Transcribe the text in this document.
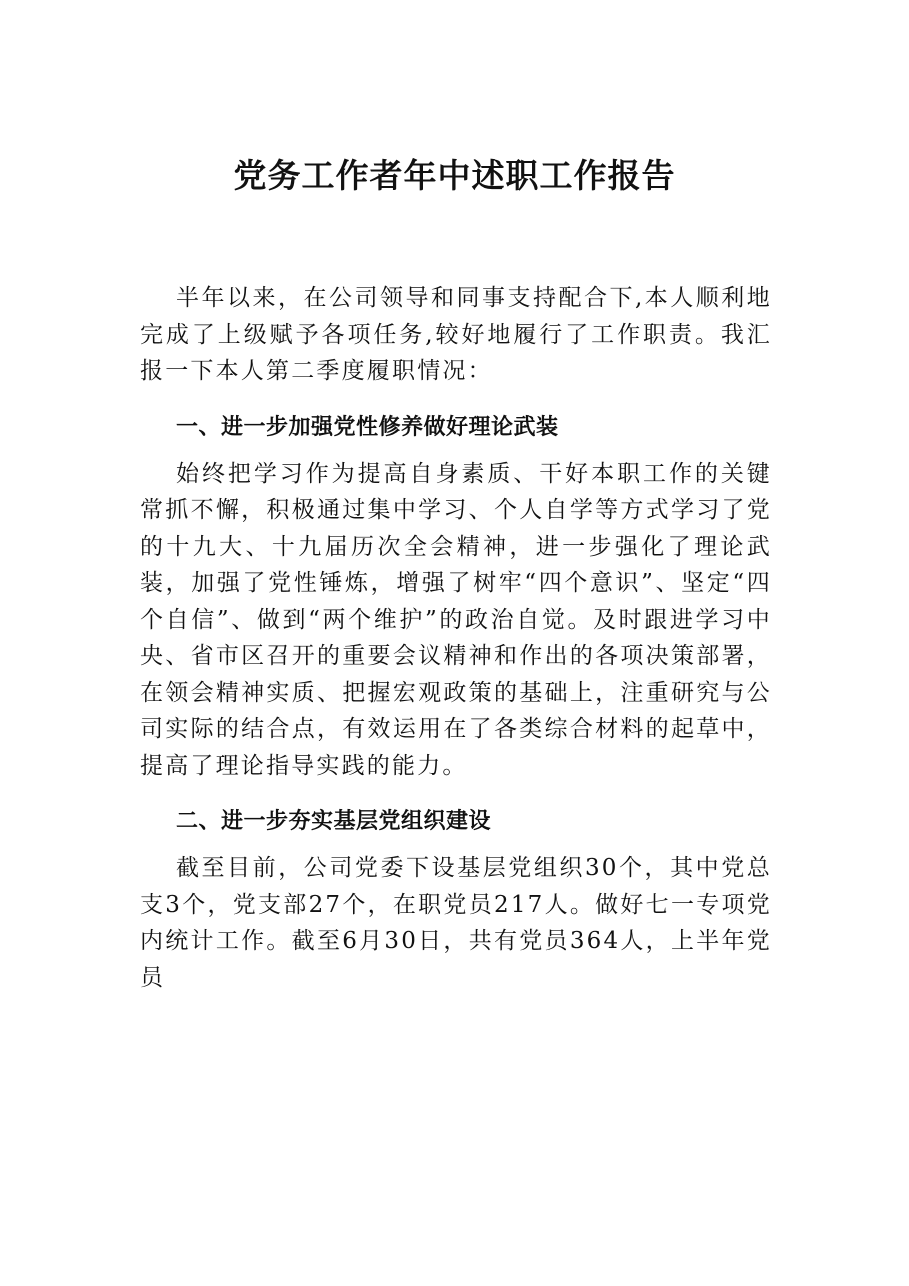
党务工作者年中述职工作报告

半年以来，在公司领导和同事支持配合下,本人顺利地完成了上级赋予各项任务,较好地履行了工作职责。我汇报一下本人第二季度履职情况：

一、进一步加强党性修养做好理论武装

始终把学习作为提高自身素质、干好本职工作的关键常抓不懈，积极通过集中学习、个人自学等方式学习了党的十九大、十九届历次全会精神，进一步强化了理论武装，加强了党性锤炼，增强了树牢“四个意识”、坚定“四个自信”、做到“两个维护”的政治自觉。及时跟进学习中央、省市区召开的重要会议精神和作出的各项决策部署，在领会精神实质、把握宏观政策的基础上，注重研究与公司实际的结合点，有效运用在了各类综合材料的起草中，提高了理论指导实践的能力。

二、进一步夯实基层党组织建设

截至目前，公司党委下设基层党组织30个，其中党总支3个，党支部27个，在职党员217人。做好七一专项党内统计工作。截至6月30日，共有党员364人，上半年党员
